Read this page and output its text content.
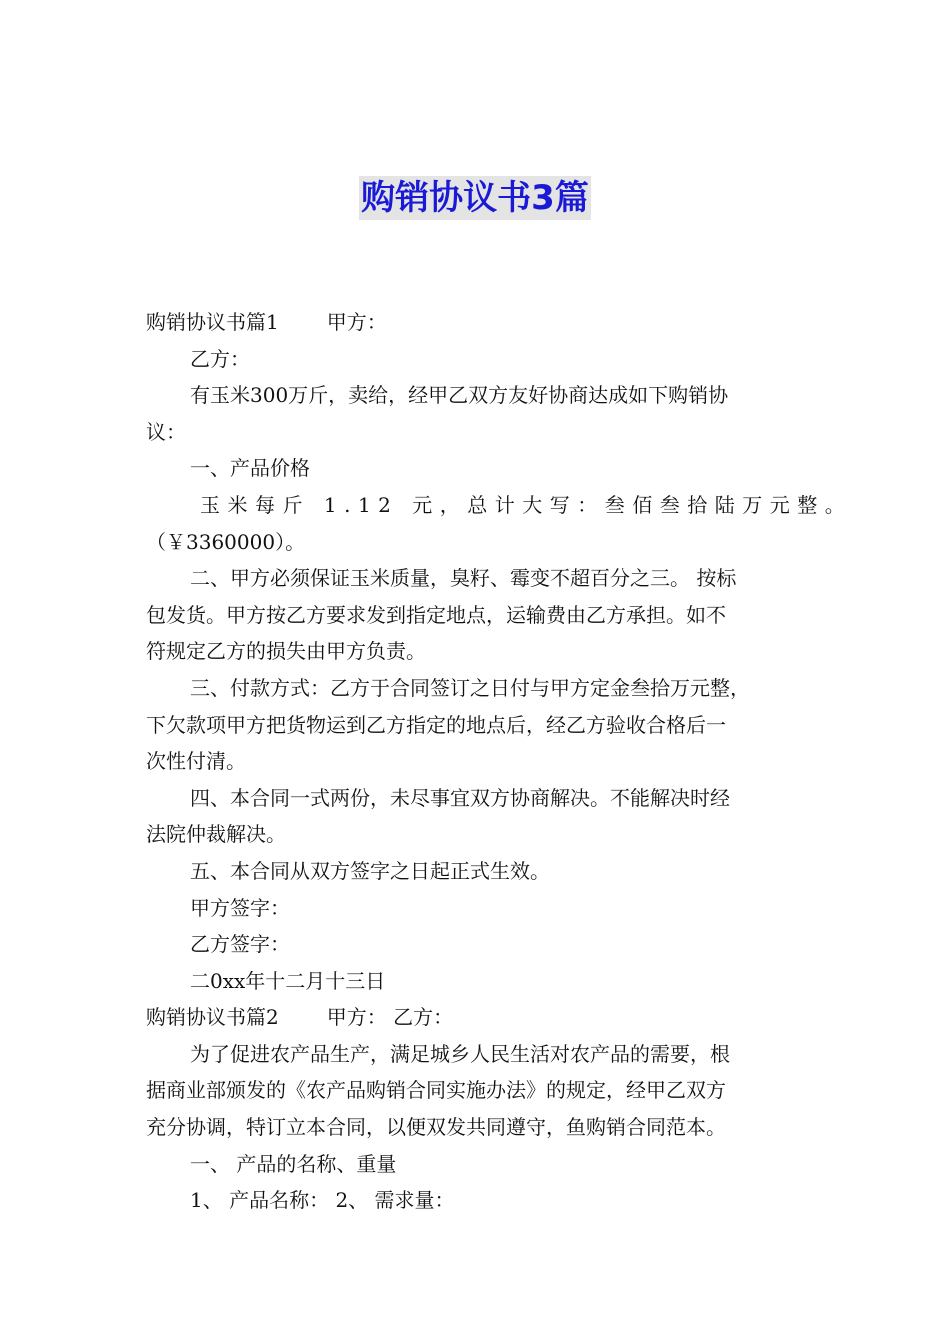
购销协议书3篇
购销协议书篇1 甲方：
乙方：
有玉米300万斤，卖给，经甲乙双方友好协商达成如下购销协
议：
一、产品价格
玉米每斤 1.12 元，总计大写：叁佰叁拾陆万元整。
（￥3360000）。
二、甲方必须保证玉米质量，臭籽、霉变不超百分之三。 按标
包发货。甲方按乙方要求发到指定地点，运输费由乙方承担。如不
符规定乙方的损失由甲方负责。
三、付款方式：乙方于合同签订之日付与甲方定金叁拾万元整，
下欠款项甲方把货物运到乙方指定的地点后，经乙方验收合格后一
次性付清。
四、本合同一式两份，未尽事宜双方协商解决。不能解决时经
法院仲裁解决。
五、本合同从双方签字之日起正式生效。
甲方签字：
乙方签字：
二0xx年十二月十三日
购销协议书篇2 甲方： 乙方：
为了促进农产品生产，满足城乡人民生活对农产品的需要，根
据商业部颁发的《农产品购销合同实施办法》的规定，经甲乙双方
充分协调，特订立本合同，以便双发共同遵守，鱼购销合同范本。
一、 产品的名称、重量
1、 产品名称： 2、 需求量：
